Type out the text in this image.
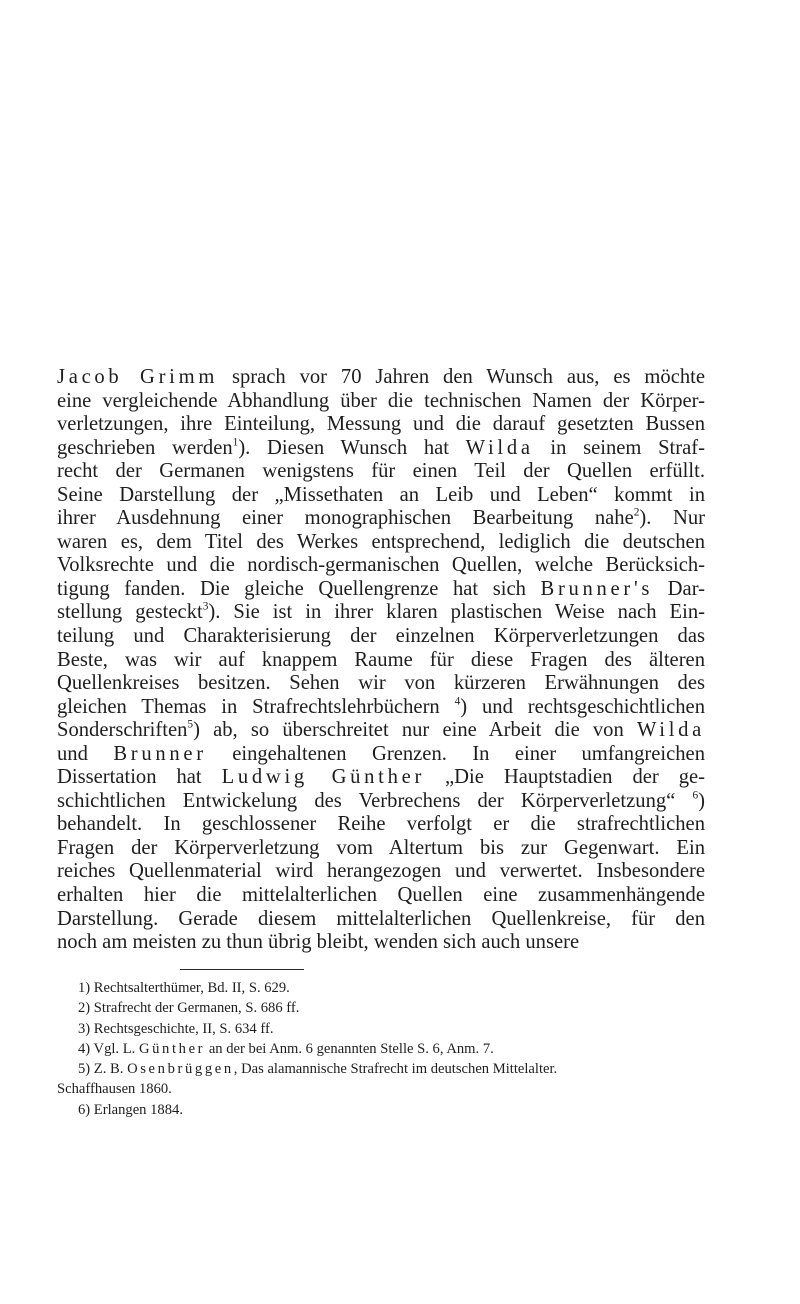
Jacob Grimm sprach vor 70 Jahren den Wunsch aus, es möchte
eine vergleichende Abhandlung über die technischen Namen der Körper-
verletzungen, ihre Einteilung, Messung und die darauf gesetzten Bussen
geschrieben werden$^1$). Diesen Wunsch hat Wilda in seinem Straf-
recht der Germanen wenigstens für einen Teil der Quellen erfüllt.
Seine Darstellung der „Missethaten an Leib und Leben“ kommt in
ihrer Ausdehnung einer monographischen Bearbeitung nahe$^2$). Nur
waren es, dem Titel des Werkes entsprechend, lediglich die deutschen
Volksrechte und die nordisch-germanischen Quellen, welche Berücksich-
tigung fanden. Die gleiche Quellengrenze hat sich Brunner's Dar-
stellung gesteckt$^3$). Sie ist in ihrer klaren plastischen Weise nach Ein-
teilung und Charakterisierung der einzelnen Körperverletzungen das
Beste, was wir auf knappem Raume für diese Fragen des älteren
Quellenkreises besitzen. Sehen wir von kürzeren Erwähnungen des
gleichen Themas in Strafrechtslehrbüchern $^4$) und rechtsgeschichtlichen
Sonderschriften$^5$) ab, so überschreitet nur eine Arbeit die von Wilda
und Brunner eingehaltenen Grenzen. In einer umfangreichen
Dissertation hat Ludwig Günther „Die Hauptstadien der ge-
schichtlichen Entwickelung des Verbrechens der Körperverletzung“ $^6$)
behandelt. In geschlossener Reihe verfolgt er die strafrechtlichen
Fragen der Körperverletzung vom Altertum bis zur Gegenwart. Ein
reiches Quellenmaterial wird herangezogen und verwertet. Insbesondere
erhalten hier die mittelalterlichen Quellen eine zusammenhängende
Darstellung. Gerade diesem mittelalterlichen Quellenkreise, für den
noch am meisten zu thun übrig bleibt, wenden sich auch unsere
1) Rechtsalterthümer, Bd. II, S. 629.
2) Strafrecht der Germanen, S. 686 ff.
3) Rechtsgeschichte, II, S. 634 ff.
4) Vgl. L. Günther an der bei Anm. 6 genannten Stelle S. 6, Anm. 7.
5) Z. B. Osenbrüggen, Das alamannische Strafrecht im deutschen Mittelalter.
Schaffhausen 1860.
6) Erlangen 1884.
